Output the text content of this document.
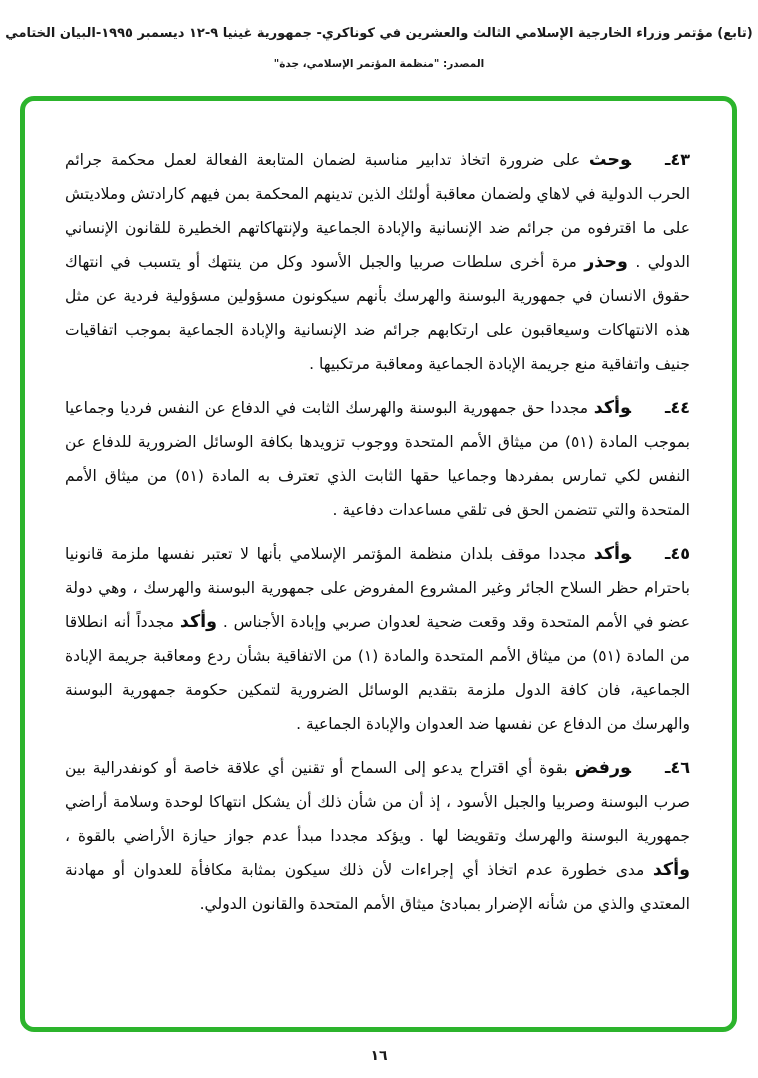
(تابع) مؤتمر وزراء الخارجية الإسلامي الثالث والعشرين في كوناكري- جمهورية غينيا ٩-١٢ ديسمبر ١٩٩٥-البيان الختامي
المصدر: "منظمة المؤتمر الإسلامي، جدة"
٤٣ـوحث على ضرورة اتخاذ تدابير مناسبة لضمان المتابعة الفعالة لعمل محكمة جرائم الحرب الدولية في لاهاي ولضمان معاقبة أولئك الذين تدينهم المحكمة بمن فيهم كارادتش وملاديتش على ما اقترفوه من جرائم ضد الإنسانية والإبادة الجماعية ولإنتهاكاتهم الخطيرة للقانون الإنساني الدولي . وحذر مرة أخرى سلطات صربيا والجبل الأسود وكل من ينتهك أو يتسبب في انتهاك حقوق الانسان في جمهورية البوسنة والهرسك بأنهم سيكونون مسؤولين مسؤولية فردية عن مثل هذه الانتهاكات وسيعاقبون على ارتكابهم جرائم ضد الإنسانية والإبادة الجماعية بموجب اتفاقيات جنيف واتفاقية منع جريمة الإبادة الجماعية ومعاقبة مرتكبيها .
٤٤ـوأكد مجددا حق جمهورية البوسنة والهرسك الثابت في الدفاع عن النفس فرديا وجماعيا بموجب المادة (٥١) من ميثاق الأمم المتحدة ووجوب تزويدها بكافة الوسائل الضرورية للدفاع عن النفس لكي تمارس بمفردها وجماعيا حقها الثابت الذي تعترف به المادة (٥١) من ميثاق الأمم المتحدة والتي تتضمن الحق فى تلقي مساعدات دفاعية .
٤٥ـوأكد مجددا موقف بلدان منظمة المؤتمر الإسلامي بأنها لا تعتبر نفسها ملزمة قانونيا باحترام حظر السلاح الجائر وغير المشروع المفروض على جمهورية البوسنة والهرسك ، وهي دولة عضو في الأمم المتحدة وقد وقعت ضحية لعدوان صربي وإبادة الأجناس . وأكد مجدداً أنه انطلاقا من المادة (٥١) من ميثاق الأمم المتحدة والمادة (١) من الاتفاقية بشأن ردع ومعاقبة جريمة الإبادة الجماعية، فان كافة الدول ملزمة بتقديم الوسائل الضرورية لتمكين حكومة جمهورية البوسنة والهرسك من الدفاع عن نفسها ضد العدوان والإبادة الجماعية .
٤٦ـورفض بقوة أي اقتراح يدعو إلى السماح أو تقنين أي علاقة خاصة أو كونفدرالية بين صرب البوسنة وصربيا والجبل الأسود ، إذ أن من شأن ذلك أن يشكل انتهاكا لوحدة وسلامة أراضي جمهورية البوسنة والهرسك وتقويضا لها . ويؤكد مجددا مبدأ عدم جواز حيازة الأراضي بالقوة ، وأكد مدى خطورة عدم اتخاذ أي إجراءات لأن ذلك سيكون بمثابة مكافأة للعدوان أو مهادنة المعتدي والذي من شأنه الإضرار بمبادئ ميثاق الأمم المتحدة والقانون الدولي.
١٦
